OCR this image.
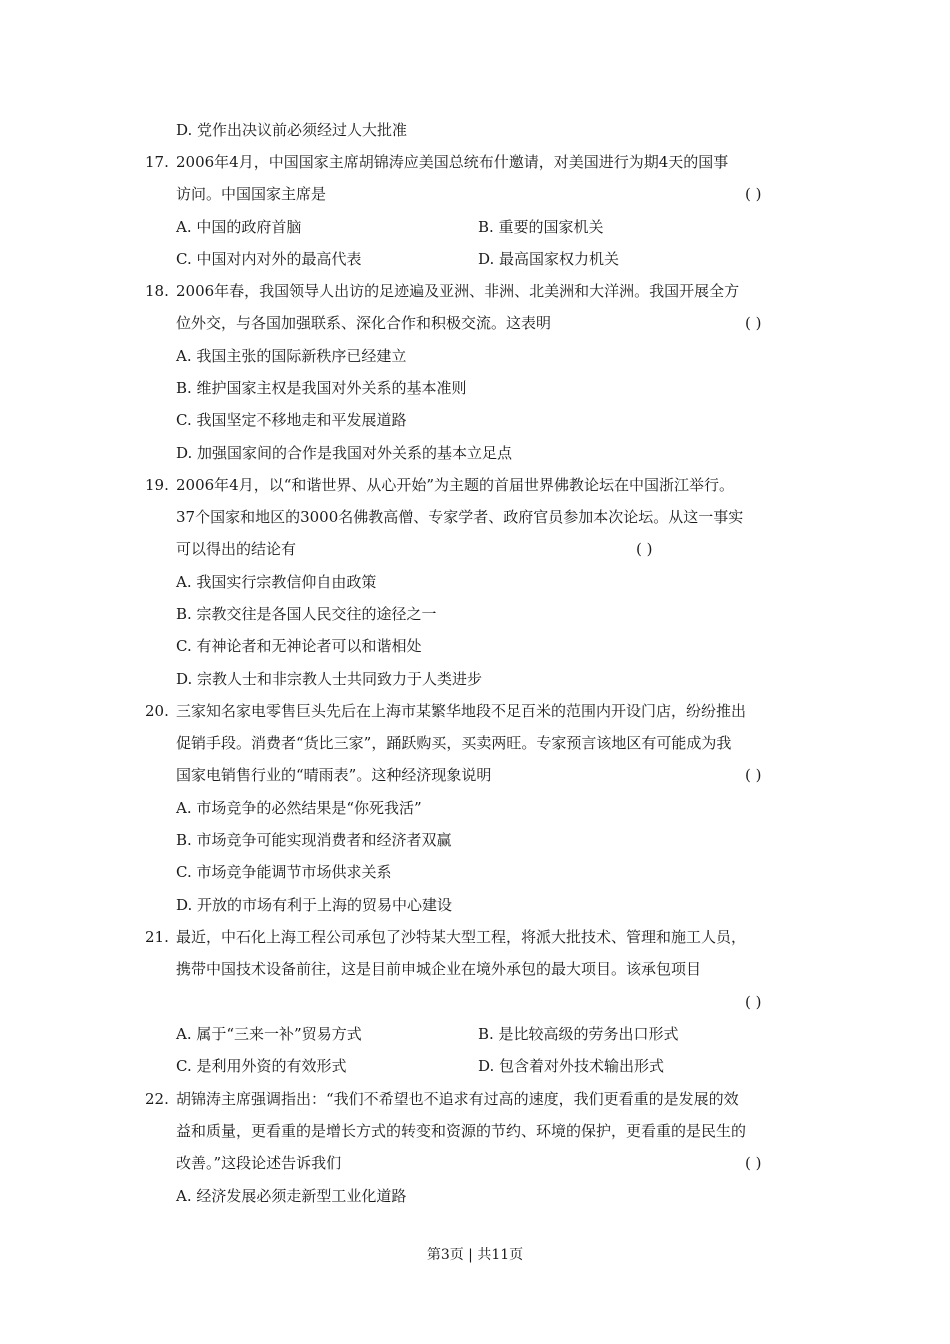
D. 党作出决议前必须经过人大批准
17. 2006年4月，中国国家主席胡锦涛应美国总统布什邀请，对美国进行为期4天的国事
访问。中国国家主席是	( )
A. 中国的政府首脑	B. 重要的国家机关
C. 中国对内对外的最高代表	D. 最高国家权力机关
18. 2006年春，我国领导人出访的足迹遍及亚洲、非洲、北美洲和大洋洲。我国开展全方
位外交，与各国加强联系、深化合作和积极交流。这表明	( )
A. 我国主张的国际新秩序已经建立
B. 维护国家主权是我国对外关系的基本准则
C. 我国坚定不移地走和平发展道路
D. 加强国家间的合作是我国对外关系的基本立足点
19. 2006年4月，以“和谐世界、从心开始”为主题的首届世界佛教论坛在中国浙江举行。
37个国家和地区的3000名佛教高僧、专家学者、政府官员参加本次论坛。从这一事实
可以得出的结论有	( )
A. 我国实行宗教信仰自由政策
B. 宗教交往是各国人民交往的途径之一
C. 有神论者和无神论者可以和谐相处
D. 宗教人士和非宗教人士共同致力于人类进步
20. 三家知名家电零售巨头先后在上海市某繁华地段不足百米的范围内开设门店，纷纷推出
促销手段。消费者“货比三家”，踊跃购买，买卖两旺。专家预言该地区有可能成为我
国家电销售行业的“晴雨表”。这种经济现象说明	( )
A. 市场竞争的必然结果是“你死我活”
B. 市场竞争可能实现消费者和经济者双赢
C. 市场竞争能调节市场供求关系
D. 开放的市场有利于上海的贸易中心建设
21. 最近，中石化上海工程公司承包了沙特某大型工程，将派大批技术、管理和施工人员，
携带中国技术设备前往，这是目前申城企业在境外承包的最大项目。该承包项目
( )
A. 属于“三来一补”贸易方式	B. 是比较高级的劳务出口形式
C. 是利用外资的有效形式	D. 包含着对外技术输出形式
22. 胡锦涛主席强调指出：“我们不希望也不追求有过高的速度，我们更看重的是发展的效
益和质量，更看重的是增长方式的转变和资源的节约、环境的保护，更看重的是民生的
改善。”这段论述告诉我们	( )
A. 经济发展必须走新型工业化道路
第3页 | 共11页
